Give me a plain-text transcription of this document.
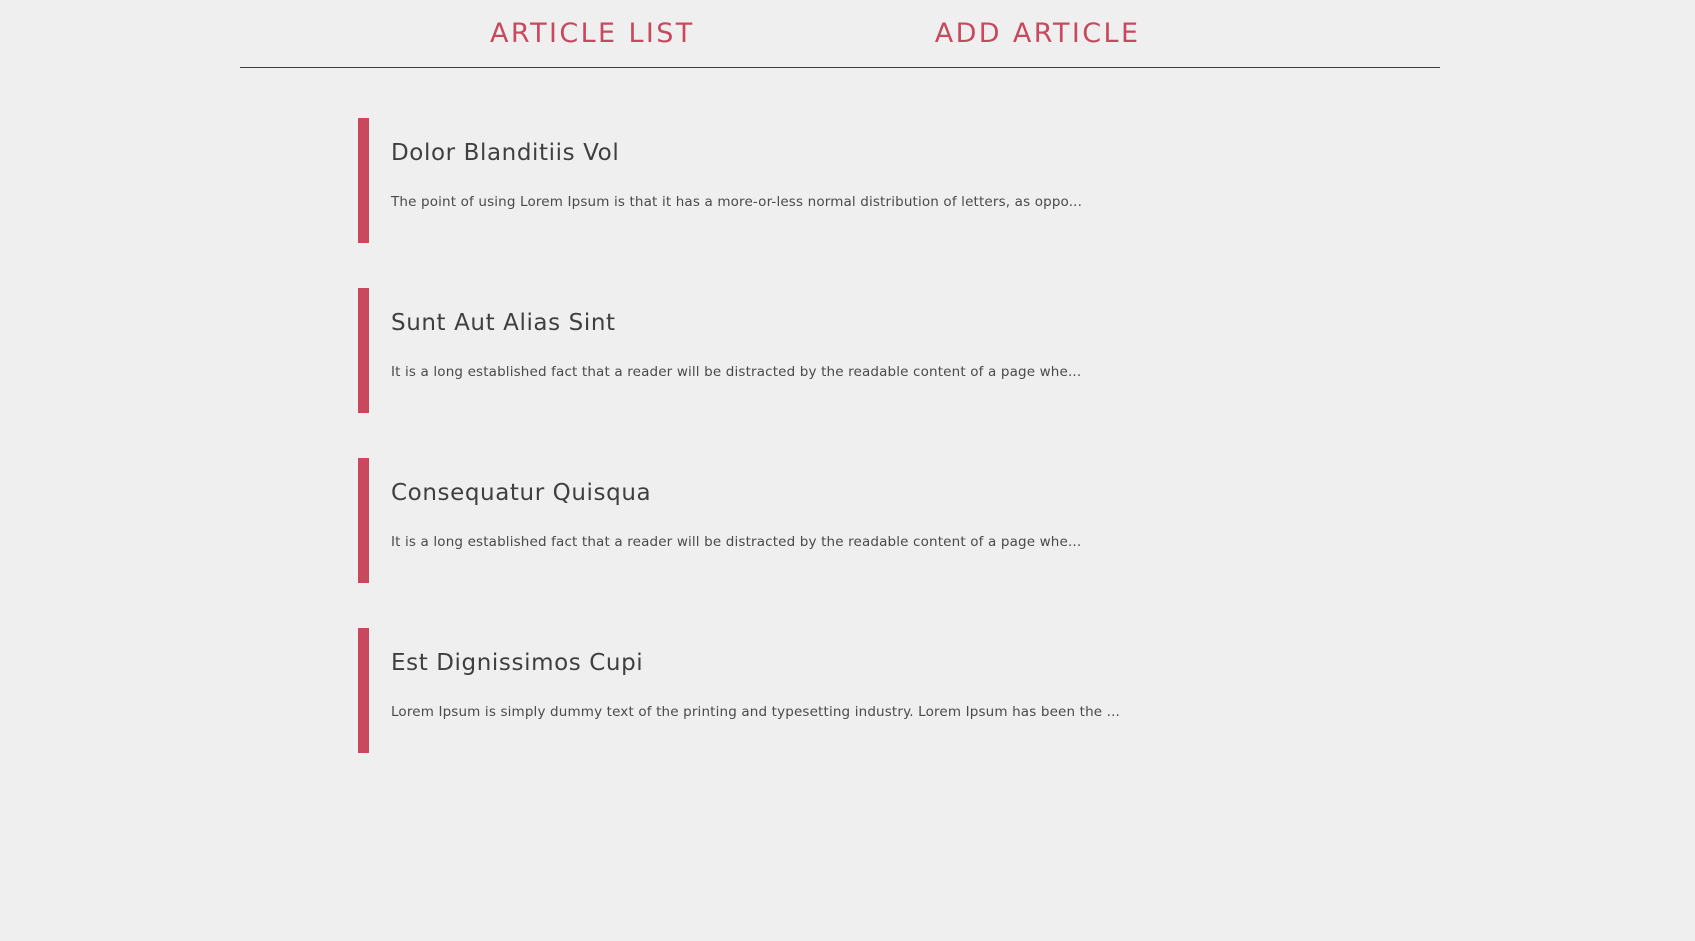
ARTICLE LIST	ADD ARTICLE
Dolor Blanditiis Vol

The point of using Lorem Ipsum is that it has a more-or-less normal distribution of letters, as oppo...

Sunt Aut Alias Sint

It is a long established fact that a reader will be distracted by the readable content of a page whe...

Consequatur Quisqua

It is a long established fact that a reader will be distracted by the readable content of a page whe...

Est Dignissimos Cupi

Lorem Ipsum is simply dummy text of the printing and typesetting industry. Lorem Ipsum has been the ...
